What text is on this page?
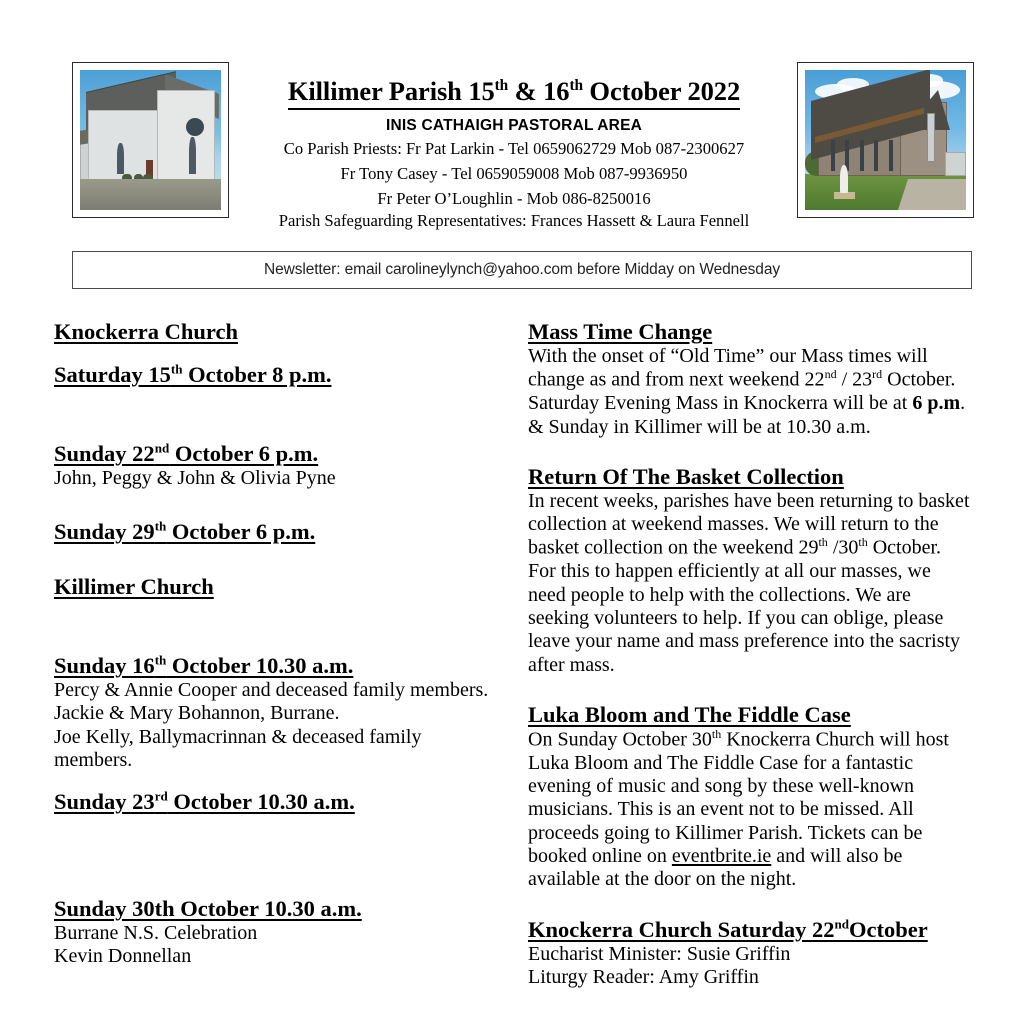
Killimer Parish 15th & 16th October 2022
INIS CATHAIGH PASTORAL AREA
Co Parish Priests: Fr Pat Larkin - Tel 0659062729 Mob 087-2300627
Fr Tony Casey - Tel 0659059008 Mob 087-9936950
Fr Peter O’Loughlin - Mob 086-8250016
Parish Safeguarding Representatives: Frances Hassett & Laura Fennell
Newsletter: email carolineylynch@yahoo.com before Midday on Wednesday
Knockerra Church
Saturday 15th October 8 p.m.
Sunday 22nd October 6 p.m.
John, Peggy & John & Olivia Pyne
Sunday 29th October 6 p.m.
Killimer Church
Sunday 16th October 10.30 a.m.
Percy & Annie Cooper and deceased family members.
Jackie & Mary Bohannon, Burrane.
Joe Kelly, Ballymacrinnan & deceased family
members.
Sunday 23rd October 10.30 a.m.
Sunday 30th October 10.30 a.m.
Burrane N.S. Celebration
Kevin Donnellan
Mass Time Change

With the onset of “Old Time” our Mass times will
change as and from next weekend 22nd / 23rd October.
Saturday Evening Mass in Knockerra will be at 6 p.m.
& Sunday in Killimer will be at 10.30 a.m.

Return Of The Basket Collection

In recent weeks, parishes have been returning to basket
collection at weekend masses. We will return to the
basket collection on the weekend 29th /30th October.
For this to happen efficiently at all our masses, we
need people to help with the collections. We are
seeking volunteers to help. If you can oblige, please
leave your name and mass preference into the sacristy
after mass.

Luka Bloom and The Fiddle Case

On Sunday October 30th Knockerra Church will host
Luka Bloom and The Fiddle Case for a fantastic
evening of music and song by these well-known
musicians. This is an event not to be missed. All
proceeds going to Killimer Parish. Tickets can be
booked online on eventbrite.ie and will also be
available at the door on the night.

Knockerra Church Saturday 22ndOctober
Eucharist Minister: Susie Griffin
Liturgy Reader: Amy Griffin
